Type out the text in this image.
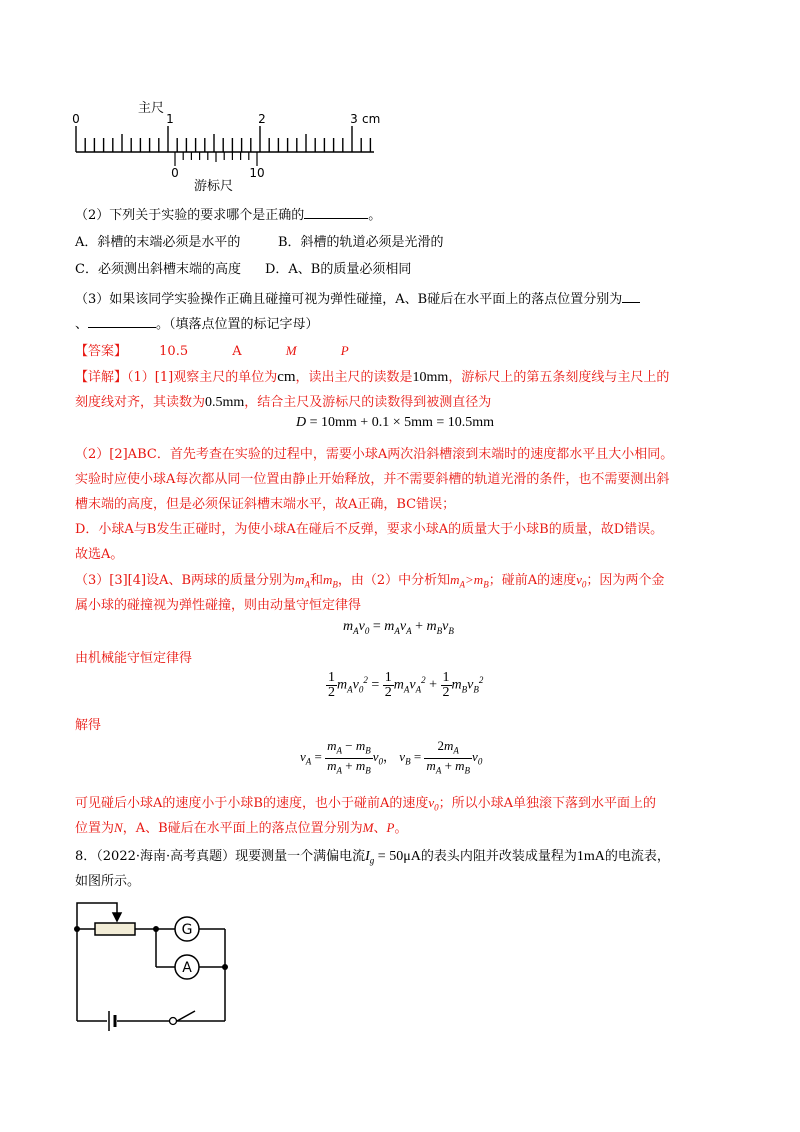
主尺
0	1	2	3 cm
0	10
游标尺
（2）下列关于实验的要求哪个是正确的	。
A．斜槽的末端必须是水平的	B．斜槽的轨道必须是光滑的
C．必须测出斜槽末端的高度 D．A、B的质量必须相同
（3）如果该同学实验操作正确且碰撞可视为弹性碰撞，A、B碰后在水平面上的落点位置分别为
、	。（填落点位置的标记字母）
【答案】 10.5	A	M	P
【详解】（1）[1]观察主尺的单位为cm，读出主尺的读数是10mm，游标尺上的第五条刻度线与主尺上的
刻度线对齐，其读数为0.5mm，结合主尺及游标尺的读数得到被测直径为
D = 10mm + 0.1 × 5mm = 10.5mm
（2）[2]ABC．首先考查在实验的过程中，需要小球A两次沿斜槽滚到末端时的速度都水平且大小相同。
实验时应使小球A每次都从同一位置由静止开始释放，并不需要斜槽的轨道光滑的条件，也不需要测出斜
槽末端的高度，但是必须保证斜槽末端水平，故A正确，BC错误；
D．小球A与B发生正碰时，为使小球A在碰后不反弹，要求小球A的质量大于小球B的质量，故D错误。
故选A。
（3）[3][4]设A、B两球的质量分别为$m_A$和$m_B$，由（2）中分析知$m_A>m_B$；碰前A的速度$v_0$；因为两个金
属小球的碰撞视为弹性碰撞，则由动量守恒定律得
$m_Av_0 = m_Av_A + m_Bv_B$
由机械能守恒定律得
$\frac{1}{2} m_Av_0^2 = \frac{1}{2} m_Av_A^2 + \frac{1}{2} m_Bv_B^2$
解得
$v_A = \frac{m_A - m_B}{m_A + m_B} v_0$， $v_B = \frac{2m_A}{m_A + m_B} v_0$
可见碰后小球A的速度小于小球B的速度，也小于碰前A的速度$v_0$；所以小球A单独滚下落到水平面上的
位置为N，A、B碰后在水平面上的落点位置分别为M、P。
8．（2022·海南·高考真题）现要测量一个满偏电流$I_g = 50\mu A$的表头内阻并改装成量程为1mA的电流表，
如图所示。
G
A
